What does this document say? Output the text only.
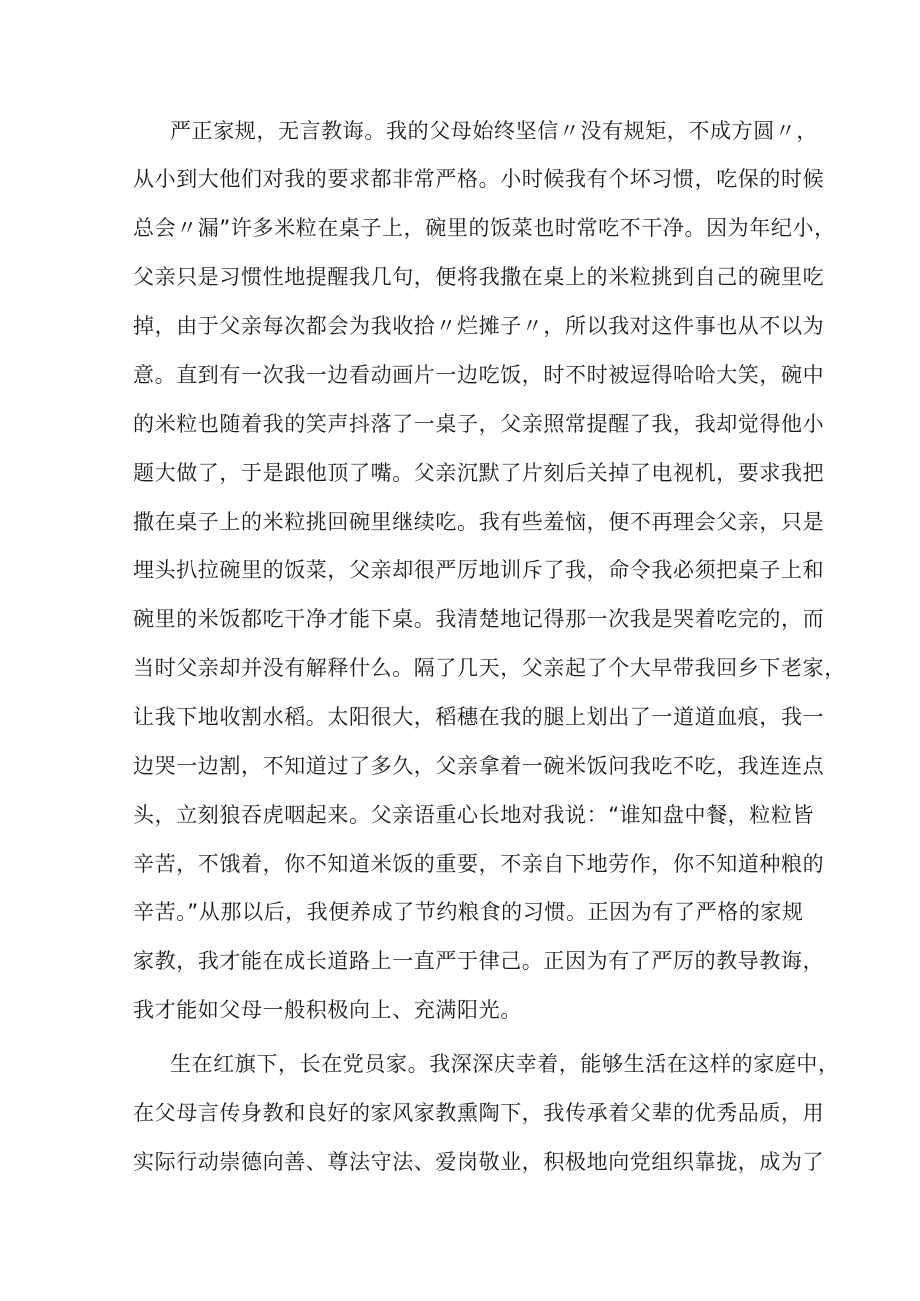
严正家规，无言教诲。我的父母始终坚信〃没有规矩，不成方圆〃，

从小到大他们对我的要求都非常严格。小时候我有个坏习惯，吃保的时候

总会〃漏”许多米粒在桌子上，碗里的饭菜也时常吃不干净。因为年纪小，

父亲只是习惯性地提醒我几句，便将我撒在桌上的米粒挑到自己的碗里吃

掉，由于父亲每次都会为我收拾〃烂摊子〃，所以我对这件事也从不以为

意。直到有一次我一边看动画片一边吃饭，时不时被逗得哈哈大笑，碗中

的米粒也随着我的笑声抖落了一桌子，父亲照常提醒了我，我却觉得他小

题大做了，于是跟他顶了嘴。父亲沉默了片刻后关掉了电视机，要求我把

撒在桌子上的米粒挑回碗里继续吃。我有些羞恼，便不再理会父亲，只是

埋头扒拉碗里的饭菜，父亲却很严厉地训斥了我，命令我必须把桌子上和

碗里的米饭都吃干净才能下桌。我清楚地记得那一次我是哭着吃完的，而

当时父亲却并没有解释什么。隔了几天，父亲起了个大早带我回乡下老家，

让我下地收割水稻。太阳很大，稻穗在我的腿上划出了一道道血痕，我一

边哭一边割，不知道过了多久，父亲拿着一碗米饭问我吃不吃，我连连点

头，立刻狼吞虎咽起来。父亲语重心长地对我说：“谁知盘中餐，粒粒皆

辛苦，不饿着，你不知道米饭的重要，不亲自下地劳作，你不知道种粮的

辛苦。”从那以后，我便养成了节约粮食的习惯。正因为有了严格的家规

家教，我才能在成长道路上一直严于律己。正因为有了严厉的教导教诲，

我才能如父母一般积极向上、充满阳光。

生在红旗下，长在党员家。我深深庆幸着，能够生活在这样的家庭中，

在父母言传身教和良好的家风家教熏陶下，我传承着父辈的优秀品质，用

实际行动崇德向善、尊法守法、爱岗敬业，积极地向党组织靠拢，成为了
